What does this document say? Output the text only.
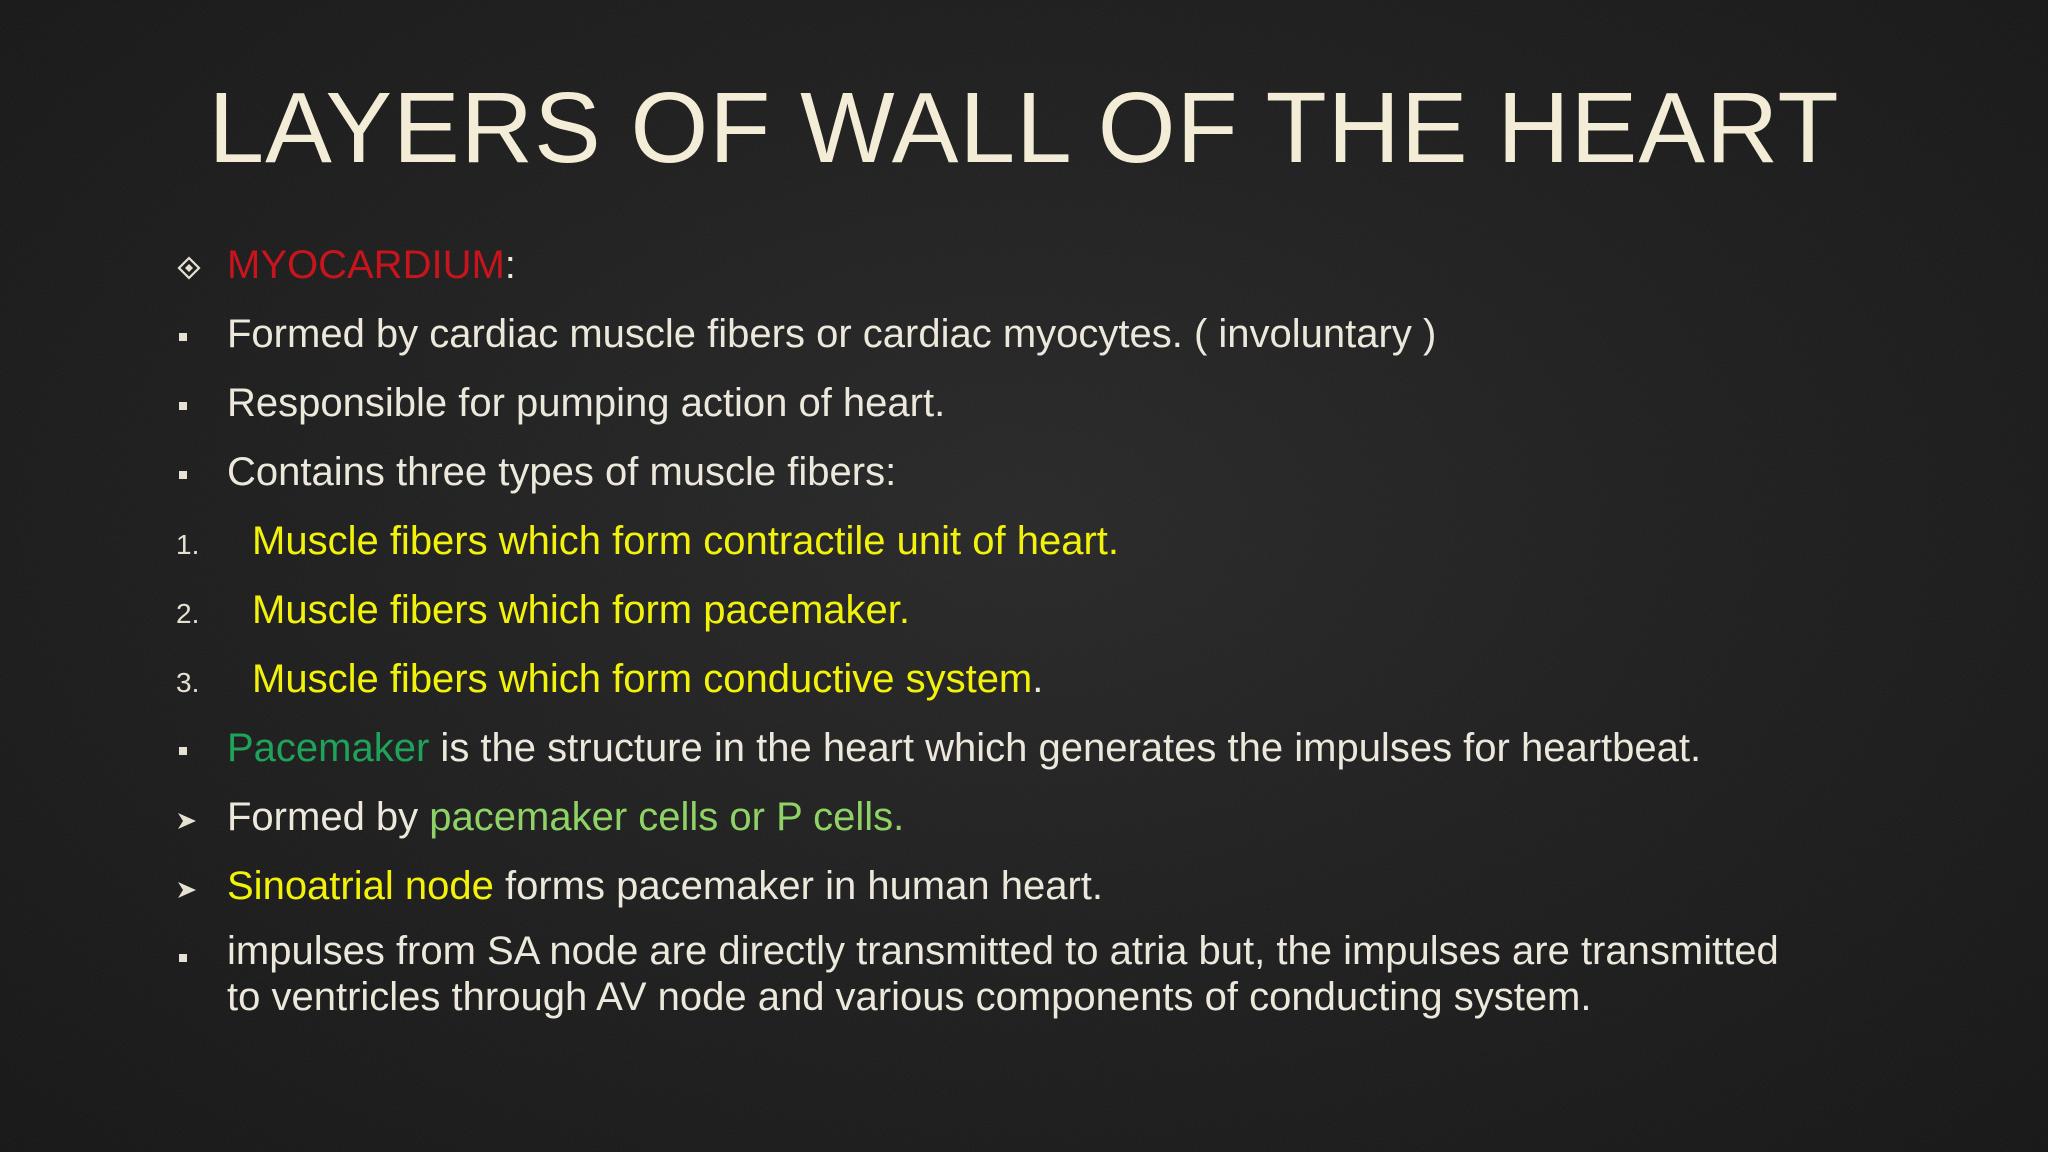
LAYERS OF WALL OF THE HEART
MYOCARDIUM:
Formed by cardiac muscle fibers or cardiac myocytes. ( involuntary )
Responsible for pumping action of heart.
Contains three types of muscle fibers:
1. Muscle fibers which form contractile unit of heart.
2. Muscle fibers which form pacemaker.
3. Muscle fibers which form conductive system.
Pacemaker is the structure in the heart which generates the impulses for heartbeat.
Formed by pacemaker cells or P cells.
Sinoatrial node forms pacemaker in human heart.
impulses from SA node are directly transmitted to atria but, the impulses are transmitted to ventricles through AV node and various components of conducting system.
